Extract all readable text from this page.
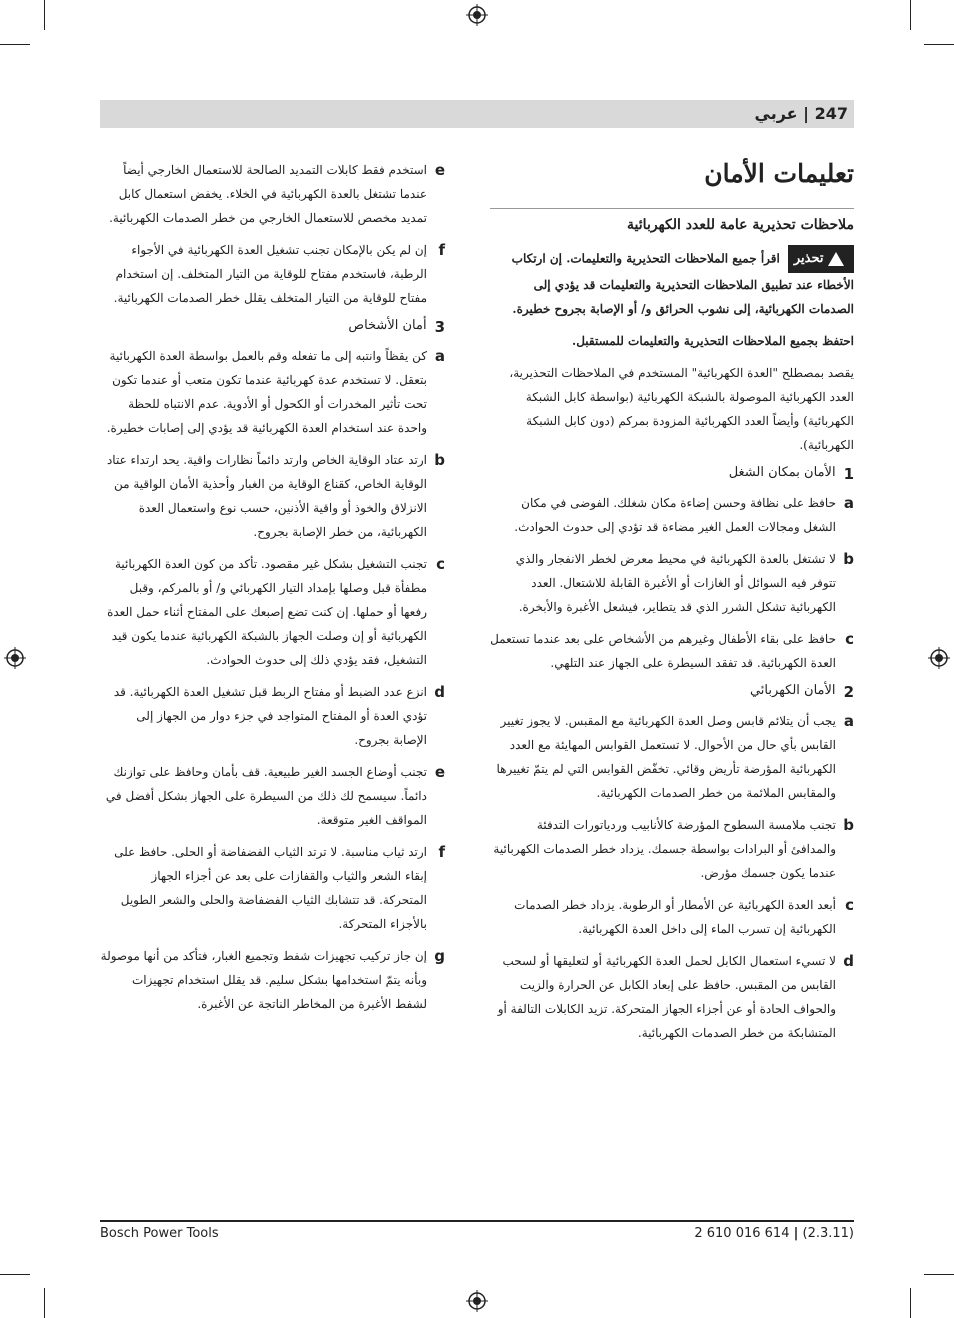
247 | عربي
تعليمات الأمان
ملاحظات تحذيرية عامة للعدد الكهربائية

تحذيراقرأ جميع الملاحظات التحذيرية والتعليمات. إن ارتكاب الأخطاء عند تطبيق الملاحظات التحذيرية والتعليمات قد يؤدي إلى الصدمات الكهربائية، إلى نشوب الحرائق و/ أو الإصابة بجروح خطيرة.

احتفظ بجميع الملاحظات التحذيرية والتعليمات للمستقبل.

يقصد بمصطلح "العدة الكهربائية" المستخدم في الملاحظات التحذيرية، العدد الكهربائية الموصولة بالشبكة الكهربائية (بواسطة كابل الشبكة الكهربائية) وأيضاً العدد الكهربائية المزودة بمركم (دون كابل الشبكة الكهربائية).

1
الأمان بمكان الشغل
a
حافظ على نظافة وحسن إضاءة مكان شغلك. الفوضى في مكان الشغل ومجالات العمل الغير مضاءة قد تؤدي إلى حدوث الحوادث.
b
لا تشتغل بالعدة الكهربائية في محيط معرض لخطر الانفجار والذي تتوفر فيه السوائل أو الغازات أو الأغبرة القابلة للاشتعال. العدد الكهربائية تشكل الشرر الذي قد يتطاير، فيشعل الأغبرة والأبخرة.
c
حافظ على بقاء الأطفال وغيرهم من الأشخاص على بعد عندما تستعمل العدة الكهربائية. قد تفقد السيطرة على الجهاز عند التلهي.
2
الأمان الكهربائي
a
يجب أن يتلائم قابس وصل العدة الكهربائية مع المقبس. لا يجوز تغيير القابس بأي حال من الأحوال. لا تستعمل القوابس المهايئة مع العدد الكهربائية المؤرضة تأريض وقائي. تخفّض القوابس التي لم يتمّ تغييرها والمقابس الملائمة من خطر الصدمات الكهربائية.
b
تجنب ملامسة السطوح المؤرضة كالأنابيب وردياتورات التدفئة والمدافئ أو البرادات بواسطة جسمك. يزداد خطر الصدمات الكهربائية عندما يكون جسمك مؤرض.
c
أبعد العدة الكهربائية عن الأمطار أو الرطوبة. يزداد خطر الصدمات الكهربائية إن تسرب الماء إلى داخل العدة الكهربائية.
d
لا تسيء استعمال الكابل لحمل العدة الكهربائية أو لتعليقها أو لسحب القابس من المقبس. حافظ على إبعاد الكابل عن الحرارة والزيت والحواف الحادة أو عن أجزاء الجهاز المتحركة. تزيد الكابلات التالفة أو المتشابكة من خطر الصدمات الكهربائية.
e
استخدم فقط كابلات التمديد الصالحة للاستعمال الخارجي أيضاً عندما تشتغل بالعدة الكهربائية في الخلاء. يخفض استعمال كابل تمديد مخصص للاستعمال الخارجي من خطر الصدمات الكهربائية.
f
إن لم يكن بالإمكان تجنب تشغيل العدة الكهربائية في الأجواء الرطبة، فاستخدم مفتاح للوقاية من التيار المتخلف. إن استخدام مفتاح للوقاية من التيار المتخلف يقلل خطر الصدمات الكهربائية.
3
أمان الأشخاص
a
كن يقظاً وانتبه إلى ما تفعله وقم بالعمل بواسطة العدة الكهربائية بتعقل. لا تستخدم عدة كهربائية عندما تكون متعب أو عندما تكون تحت تأثير المخدرات أو الكحول أو الأدوية. عدم الانتباه للحظة واحدة عند استخدام العدة الكهربائية قد يؤدي إلى إصابات خطيرة.
b
ارتد عتاد الوقاية الخاص وارتد دائماً نظارات واقية. يحد ارتداء عتاد الوقاية الخاص، كقناع الوقاية من الغبار وأحذية الأمان الواقية من الانزلاق والخوذ أو واقية الأذنين، حسب نوع واستعمال العدة الكهربائية، من خطر الإصابة بجروح.
c
تجنب التشغيل بشكل غير مقصود. تأكد من كون العدة الكهربائية مطفأة قبل وصلها بإمداد التيار الكهربائي و/ أو بالمركم، وقبل رفعها أو حملها. إن كنت تضع إصبعك على المفتاح أثناء حمل العدة الكهربائية أو إن وصلت الجهاز بالشبكة الكهربائية عندما يكون قيد التشغيل، فقد يؤدي ذلك إلى حدوث الحوادث.
d
انزع عدد الضبط أو مفتاح الربط قبل تشغيل العدة الكهربائية. قد تؤدي العدة أو المفتاح المتواجد في جزء دوار من الجهاز إلى الإصابة بجروح.
e
تجنب أوضاع الجسد الغير طبيعية. قف بأمان وحافظ على توازنك دائماً. سيسمح لك ذلك من السيطرة على الجهاز بشكل أفضل في المواقف الغير متوقعة.
f
ارتد ثياب مناسبة. لا ترتد الثياب الفضفاضة أو الحلى. حافظ على إبقاء الشعر والثياب والقفازات على بعد عن أجزاء الجهاز المتحركة. قد تتشابك الثياب الفضفاضة والحلى والشعر الطويل بالأجزاء المتحركة.
g
إن جاز تركيب تجهيزات شفط وتجميع الغبار، فتأكد من أنها موصولة وبأنه يتمّ استخدامها بشكل سليم. قد يقلل استخدام تجهيزات لشفط الأغبرة من المخاطر الناتجة عن الأغبرة.
Bosch Power Tools	2 610 016 614 | (2.3.11)
